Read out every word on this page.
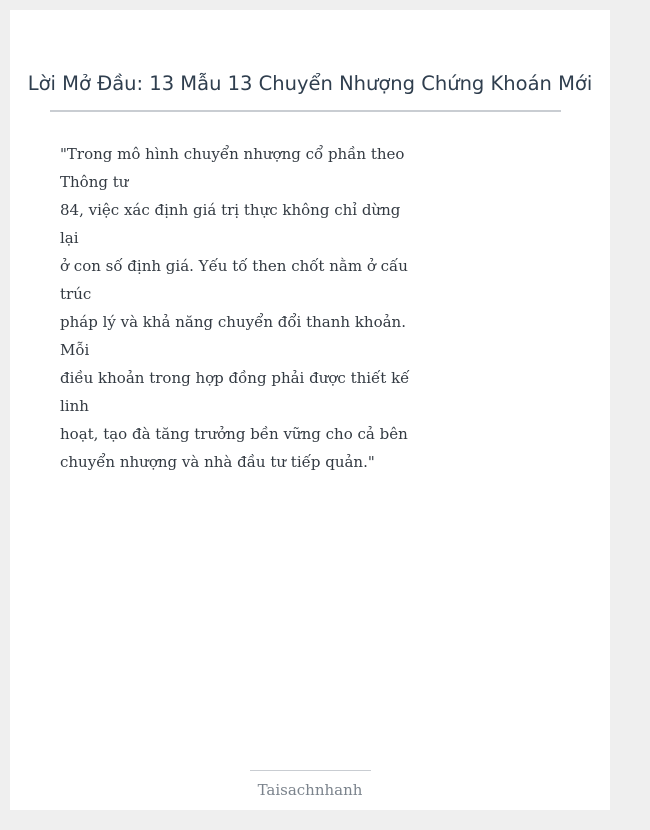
Lời Mở Đầu: 13 Mẫu 13 Chuyển Nhượng Chứng Khoán Mới
"Trong mô hình chuyển nhượng cổ phần theo
Thông tư
84, việc xác định giá trị thực không chỉ dừng
lại
ở con số định giá. Yếu tố then chốt nằm ở cấu
trúc
pháp lý và khả năng chuyển đổi thanh khoản.
Mỗi
điều khoản trong hợp đồng phải được thiết kế
linh
hoạt, tạo đà tăng trưởng bền vững cho cả bên
chuyển nhượng và nhà đầu tư tiếp quản."
Taisachnhanh
